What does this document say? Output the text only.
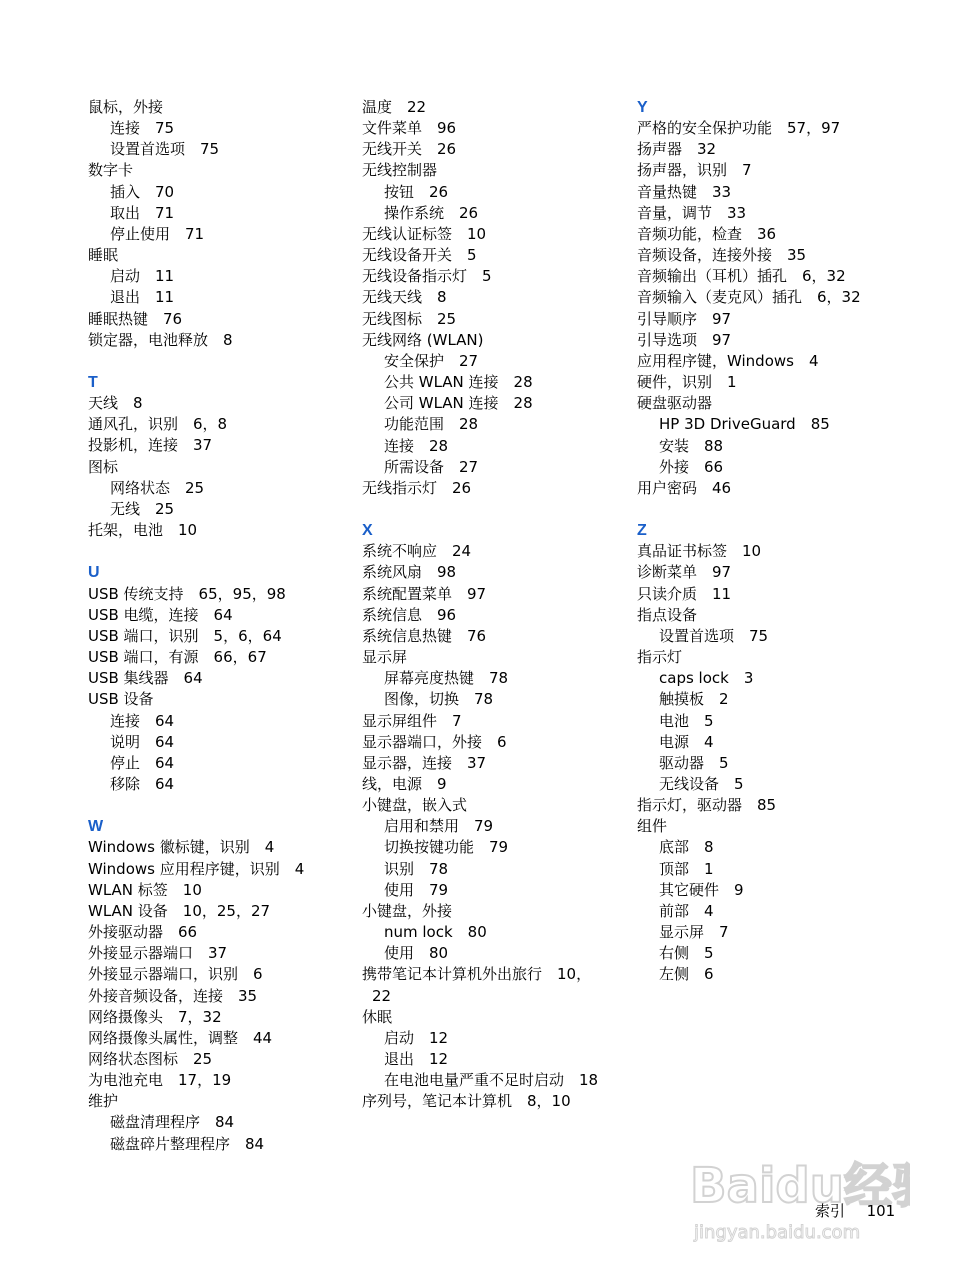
鼠标，外接
连接　75
设置首选项　75
数字卡
插入　70
取出　71
停止使用　71
睡眠
启动　11
退出　11
睡眠热键　76
锁定器，电池释放　8
T
天线　8
通风孔，识别　6，8
投影机，连接　37
图标
网络状态　25
无线　25
托架，电池　10
U
USB 传统支持　65，95，98
USB 电缆，连接　64
USB 端口，识别　5，6，64
USB 端口，有源　66，67
USB 集线器　64
USB 设备
连接　64
说明　64
停止　64
移除　64
W
Windows 徽标键，识别　4
Windows 应用程序键，识别　4
WLAN 标签　10
WLAN 设备　10，25，27
外接驱动器　66
外接显示器端口　37
外接显示器端口，识别　6
外接音频设备，连接　35
网络摄像头　7，32
网络摄像头属性，调整　44
网络状态图标　25
为电池充电　17，19
维护
磁盘清理程序　84
磁盘碎片整理程序　84
温度　22
文件菜单　96
无线开关　26
无线控制器
按钮　26
操作系统　26
无线认证标签　10
无线设备开关　5
无线设备指示灯　5
无线天线　8
无线图标　25
无线网络 (WLAN)
安全保护　27
公共 WLAN 连接　28
公司 WLAN 连接　28
功能范围　28
连接　28
所需设备　27
无线指示灯　26
X
系统不响应　24
系统风扇　98
系统配置菜单　97
系统信息　96
系统信息热键　76
显示屏
屏幕亮度热键　78
图像，切换　78
显示屏组件　7
显示器端口，外接　6
显示器，连接　37
线，电源　9
小键盘，嵌入式
启用和禁用　79
切换按键功能　79
识别　78
使用　79
小键盘，外接
num lock　80
使用　80
携带笔记本计算机外出旅行　10，
22
休眠
启动　12
退出　12
在电池电量严重不足时启动　18
序列号，笔记本计算机　8，10
Y
严格的安全保护功能　57，97
扬声器　32
扬声器，识别　7
音量热键　33
音量，调节　33
音频功能，检查　36
音频设备，连接外接　35
音频输出（耳机）插孔　6，32
音频输入（麦克风）插孔　6，32
引导顺序　97
引导选项　97
应用程序键，Windows　4
硬件，识别　1
硬盘驱动器
HP 3D DriveGuard　85
安装　88
外接　66
用户密码　46
Z
真品证书标签　10
诊断菜单　97
只读介质　11
指点设备
设置首选项　75
指示灯
caps lock　3
触摸板　2
电池　5
电源　4
驱动器　5
无线设备　5
指示灯，驱动器　85
组件
底部　8
顶部　1
其它硬件　9
前部　4
显示屏　7
右侧　5
左侧　6
Baidu经
jingyan.baidu.com
索引 101
